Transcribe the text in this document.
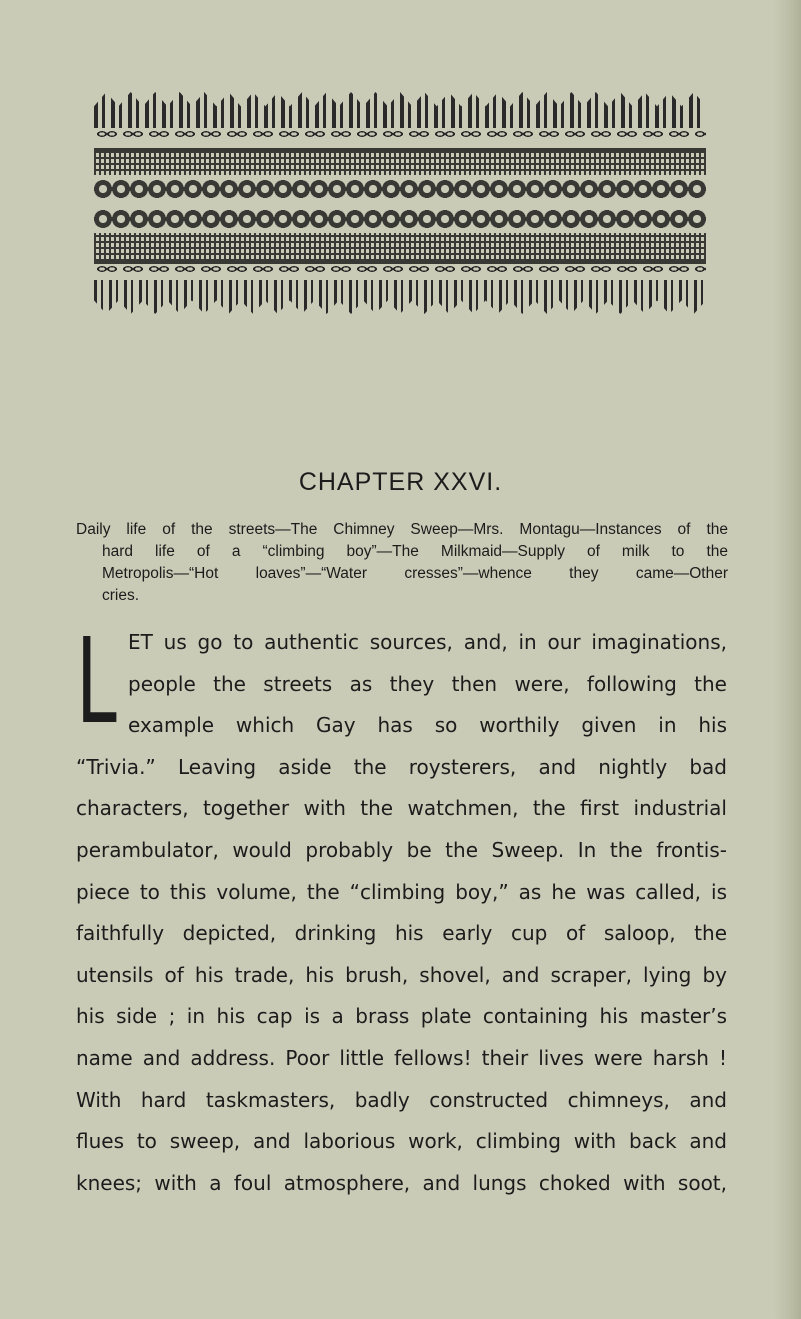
CHAPTER XXVI.
Daily life of the streets—The Chimney Sweep—Mrs. Montagu—Instances of the
hard life of a “climbing boy”—The Milkmaid—Supply of milk to the
Metropolis—“Hot loaves”—“Water cresses”—whence they came—Other
cries.
L ET us go to authentic sources, and, in our imaginations,
people the streets as they then were, following the
example which Gay has so worthily given in his
“Trivia.” Leaving aside the roysterers, and nightly bad
characters, together with the watchmen, the first industrial
perambulator, would probably be the Sweep. In the frontis-
piece to this volume, the “climbing boy,” as he was called, is
faithfully depicted, drinking his early cup of saloop, the
utensils of his trade, his brush, shovel, and scraper, lying by
his side ; in his cap is a brass plate containing his master’s
name and address. Poor little fellows! their lives were harsh !
With hard taskmasters, badly constructed chimneys, and
flues to sweep, and laborious work, climbing with back and
knees; with a foul atmosphere, and lungs choked with soot,
